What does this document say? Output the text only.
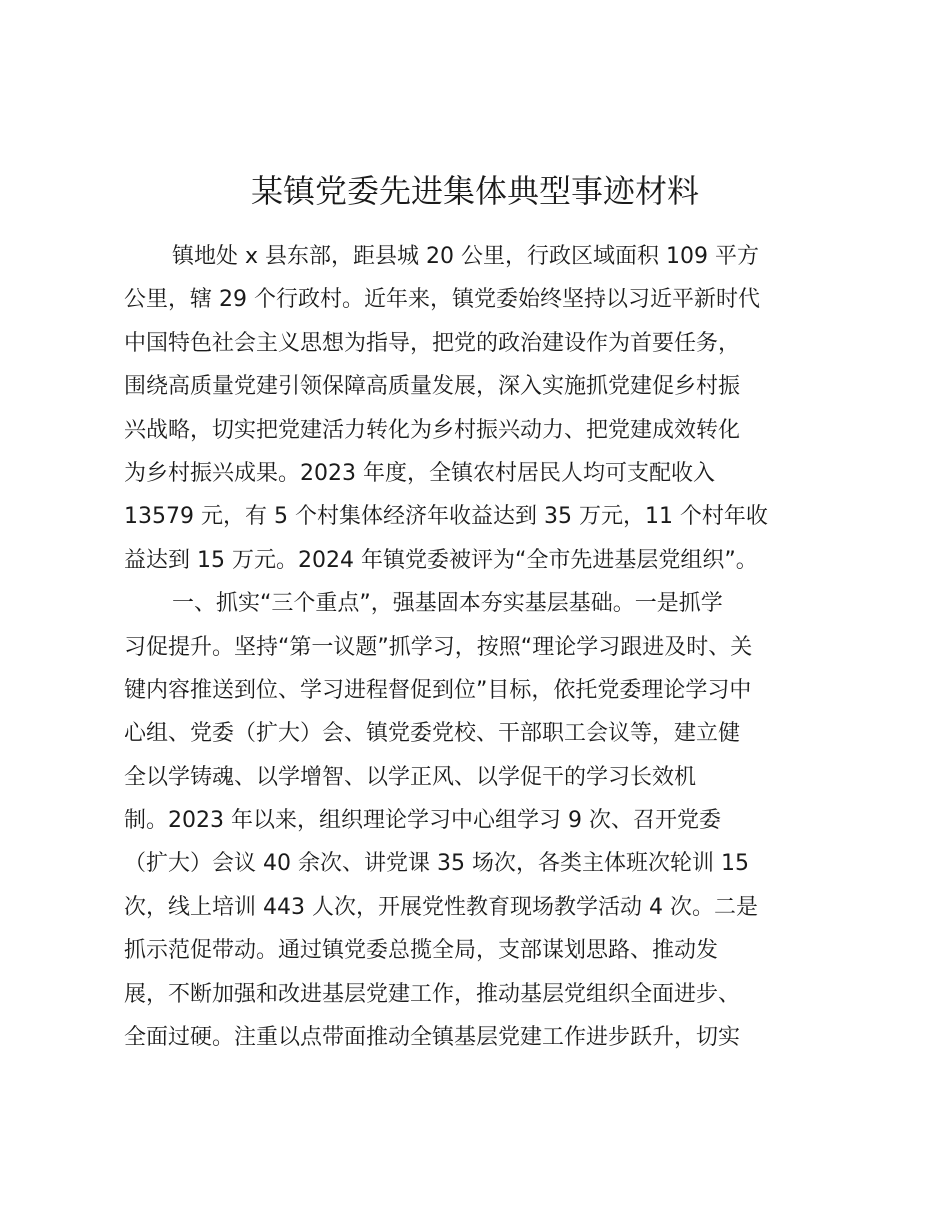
某镇党委先进集体典型事迹材料
镇地处 x 县东部，距县城 20 公里，行政区域面积 109 平方
公里，辖 29 个行政村。近年来，镇党委始终坚持以习近平新时代
中国特色社会主义思想为指导，把党的政治建设作为首要任务，
围绕高质量党建引领保障高质量发展，深入实施抓党建促乡村振
兴战略，切实把党建活力转化为乡村振兴动力、把党建成效转化
为乡村振兴成果。2023 年度，全镇农村居民人均可支配收入
13579 元，有 5 个村集体经济年收益达到 35 万元，11 个村年收
益达到 15 万元。2024 年镇党委被评为“全市先进基层党组织”。
一、抓实“三个重点”，强基固本夯实基层基础。一是抓学
习促提升。坚持“第一议题”抓学习，按照“理论学习跟进及时、关
键内容推送到位、学习进程督促到位”目标，依托党委理论学习中
心组、党委（扩大）会、镇党委党校、干部职工会议等，建立健
全以学铸魂、以学增智、以学正风、以学促干的学习长效机
制。2023 年以来，组织理论学习中心组学习 9 次、召开党委
（扩大）会议 40 余次、讲党课 35 场次，各类主体班次轮训 15
次，线上培训 443 人次，开展党性教育现场教学活动 4 次。二是
抓示范促带动。通过镇党委总揽全局，支部谋划思路、推动发
展，不断加强和改进基层党建工作，推动基层党组织全面进步、
全面过硬。注重以点带面推动全镇基层党建工作进步跃升，切实
